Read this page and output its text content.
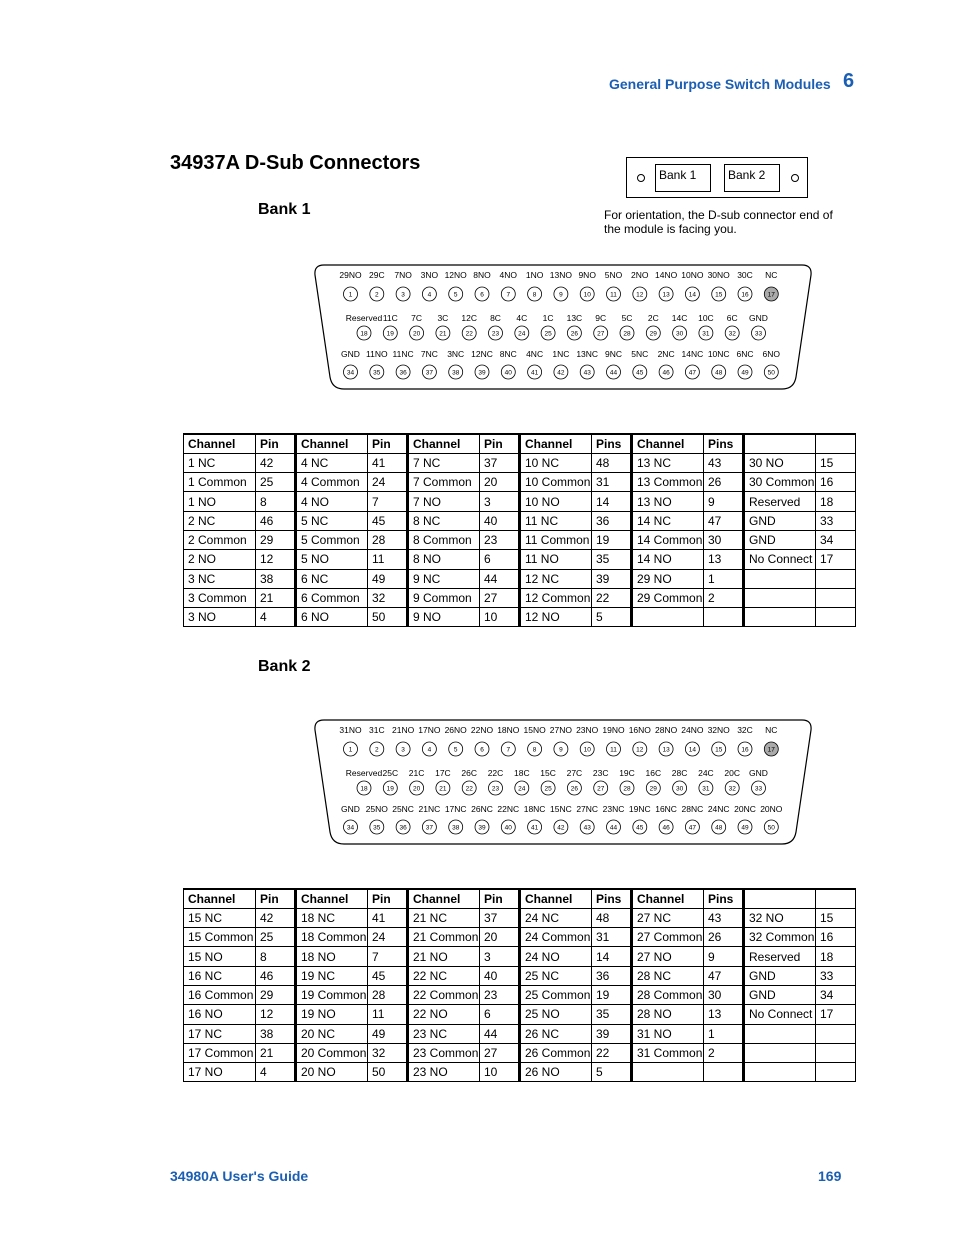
General Purpose Switch Modules 6
34937A D-Sub Connectors
Bank 1	Bank 2
For orientation, the D-sub connector end of the module is facing you.
Bank 1
29NO
1
29C
2
7NO
3
3NO
4
12NO
5
8NO
6
4NO
7
1NO
8
13NO
9
9NO
10
5NO
11
2NO
12
14NO
13
10NO
14
30NO
15
30C
16
NC
17
Reserved
18
11C
19
7C
20
3C
21
12C
22
8C
23
4C
24
1C
25
13C
26
9C
27
5C
28
2C
29
14C
30
10C
31
6C
32
GND
33
GND
34
11NO
35
11NC
36
7NC
37
3NC
38
12NC
39
8NC
40
4NC
41
1NC
42
13NC
43
9NC
44
5NC
45
2NC
46
14NC
47
10NC
48
6NC
49
6NO
50
Channel	Pin	Channel	Pin	Channel	Pin	Channel	Pins	Channel	Pins		
1 NC	42	4 NC	41	7 NC	37	10 NC	48	13 NC	43	30 NO	15
1 Common	25	4 Common	24	7 Common	20	10 Common	31	13 Common	26	30 Common	16
1 NO	8	4 NO	7	7 NO	3	10 NO	14	13 NO	9	Reserved	18
2 NC	46	5 NC	45	8 NC	40	11 NC	36	14 NC	47	GND	33
2 Common	29	5 Common	28	8 Common	23	11 Common	19	14 Common	30	GND	34
2 NO	12	5 NO	11	8 NO	6	11 NO	35	14 NO	13	No Connect	17
3 NC	38	6 NC	49	9 NC	44	12 NC	39	29 NO	1		
3 Common	21	6 Common	32	9 Common	27	12 Common	22	29 Common	2		
3 NO	4	6 NO	50	9 NO	10	12 NO	5				
Bank 2
31NO
1
31C
2
21NO
3
17NO
4
26NO
5
22NO
6
18NO
7
15NO
8
27NO
9
23NO
10
19NO
11
16NO
12
28NO
13
24NO
14
32NO
15
32C
16
NC
17
Reserved
18
25C
19
21C
20
17C
21
26C
22
22C
23
18C
24
15C
25
27C
26
23C
27
19C
28
16C
29
28C
30
24C
31
20C
32
GND
33
GND
34
25NO
35
25NC
36
21NC
37
17NC
38
26NC
39
22NC
40
18NC
41
15NC
42
27NC
43
23NC
44
19NC
45
16NC
46
28NC
47
24NC
48
20NC
49
20NO
50
Channel	Pin	Channel	Pin	Channel	Pin	Channel	Pins	Channel	Pins		
15 NC	42	18 NC	41	21 NC	37	24 NC	48	27 NC	43	32 NO	15
15 Common	25	18 Common	24	21 Common	20	24 Common	31	27 Common	26	32 Common	16
15 NO	8	18 NO	7	21 NO	3	24 NO	14	27 NO	9	Reserved	18
16 NC	46	19 NC	45	22 NC	40	25 NC	36	28 NC	47	GND	33
16 Common	29	19 Common	28	22 Common	23	25 Common	19	28 Common	30	GND	34
16 NO	12	19 NO	11	22 NO	6	25 NO	35	28 NO	13	No Connect	17
17 NC	38	20 NC	49	23 NC	44	26 NC	39	31 NO	1		
17 Common	21	20 Common	32	23 Common	27	26 Common	22	31 Common	2		
17 NO	4	20 NO	50	23 NO	10	26 NO	5				
34980A User's Guide	169
